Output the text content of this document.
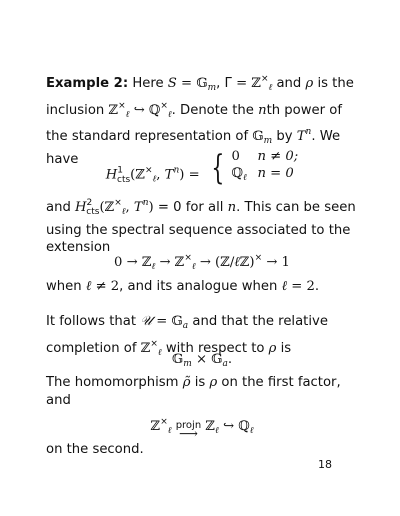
Example 2: Here S = 𝔾$_m$, Γ = ℤ×$_\ell$ and ρ is the inclusion ℤ×$_\ell$ ↪ ℚ×$_\ell$. Denote the nth power of the standard representation of 𝔾$_m$ by $T^n$. We have

$H^1_{cts}(ℤ^\times_\ell$, $T^n$) = { 0 n ≠ 0;
ℚ$_\ell$ n = 0

and $H^2_{cts}(ℤ^\times_\ell$, $T^n) = 0$ for all n. This can be seen using the spectral sequence associated to the extension

0 → ℤ$_\ell$ → ℤ×$_\ell$ → (ℤ/ℓℤ)× → 1

when ℓ ≠ 2, and its analogue when ℓ = 2.

It follows that 𝒰 = 𝔾$_a$ and that the relative completion of ℤ×$_\ell$ with respect to ρ is

𝔾$_m$ × 𝔾$_a$.

The homomorphism ρ̃ is ρ on the first factor, and

ℤ×$_\ell$ projn
⟶
ℤ$_\ell$ ↪ ℚ$_\ell$

on the second.

18
